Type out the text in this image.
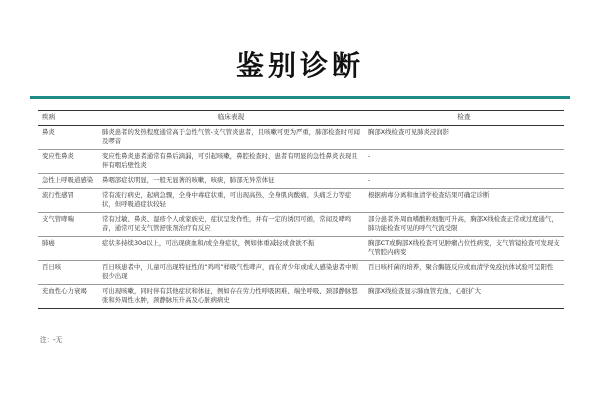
鉴别诊断
疾病	临床表现	检查
鼻炎	肺炎患者的发热程度通常高于急性气管-支气管炎患者，且咳嗽可更为严重，肺部检查时可闻及啰音	胸部X线检查可见肺炎浸润影
变应性鼻炎	变应性鼻炎患者通常有鼻后滴漏，可引起咳嗽，鼻腔检查时，患者有明显的急性鼻炎表现且伴有咽后壁性炎	-
急性上呼吸道感染	鼻咽部症状明显，一般无显著的咳嗽，咳痰，肺部无异常体征	-
流行性感冒	常有流行病史，起病急骤，全身中毒症状重，可出现高热、全身肌肉酸痛、头痛乏力等症状，但呼吸道症状较轻	根据病毒分离和血清学检查结果可确定诊断
支气管哮喘	常有过敏、鼻炎、湿疹个人或家族史，症状呈发作性，并有一定的诱因可循，常闻及哮鸣音，通常可见支气管舒张剂治疗有反应	部分患者外周血嗜酸粒细胞可升高，胸部X线检查正常或过度通气，肺功能检查可见的呼气气流受限
肺癌	症状多持续30d以上，可出现痰血和/或全身症状，例如体重减轻或食欲不振	胸部CT或胸部X线检查可见肿瘤占位性病变，支气管镜检查可发现支气管腔内病变
百日咳	百日咳患者中，儿童可出现特征性的“鸡鸣”样吸气性哮声，而在青少年或成人感染患者中则很少出现	百日咳杆菌的培养，聚合酶链反应或血清学免疫抗体试验可呈阳性
充血性心力衰竭	可出现咳嗽，同时伴有其他症状和体征，例如存在劳力性呼吸困难、端坐呼吸、颈部静脉怒张和外周性水肿，颈静脉压升高及心脏病病史	胸部X线检查显示肺血管充血，心脏扩大
注：-无
